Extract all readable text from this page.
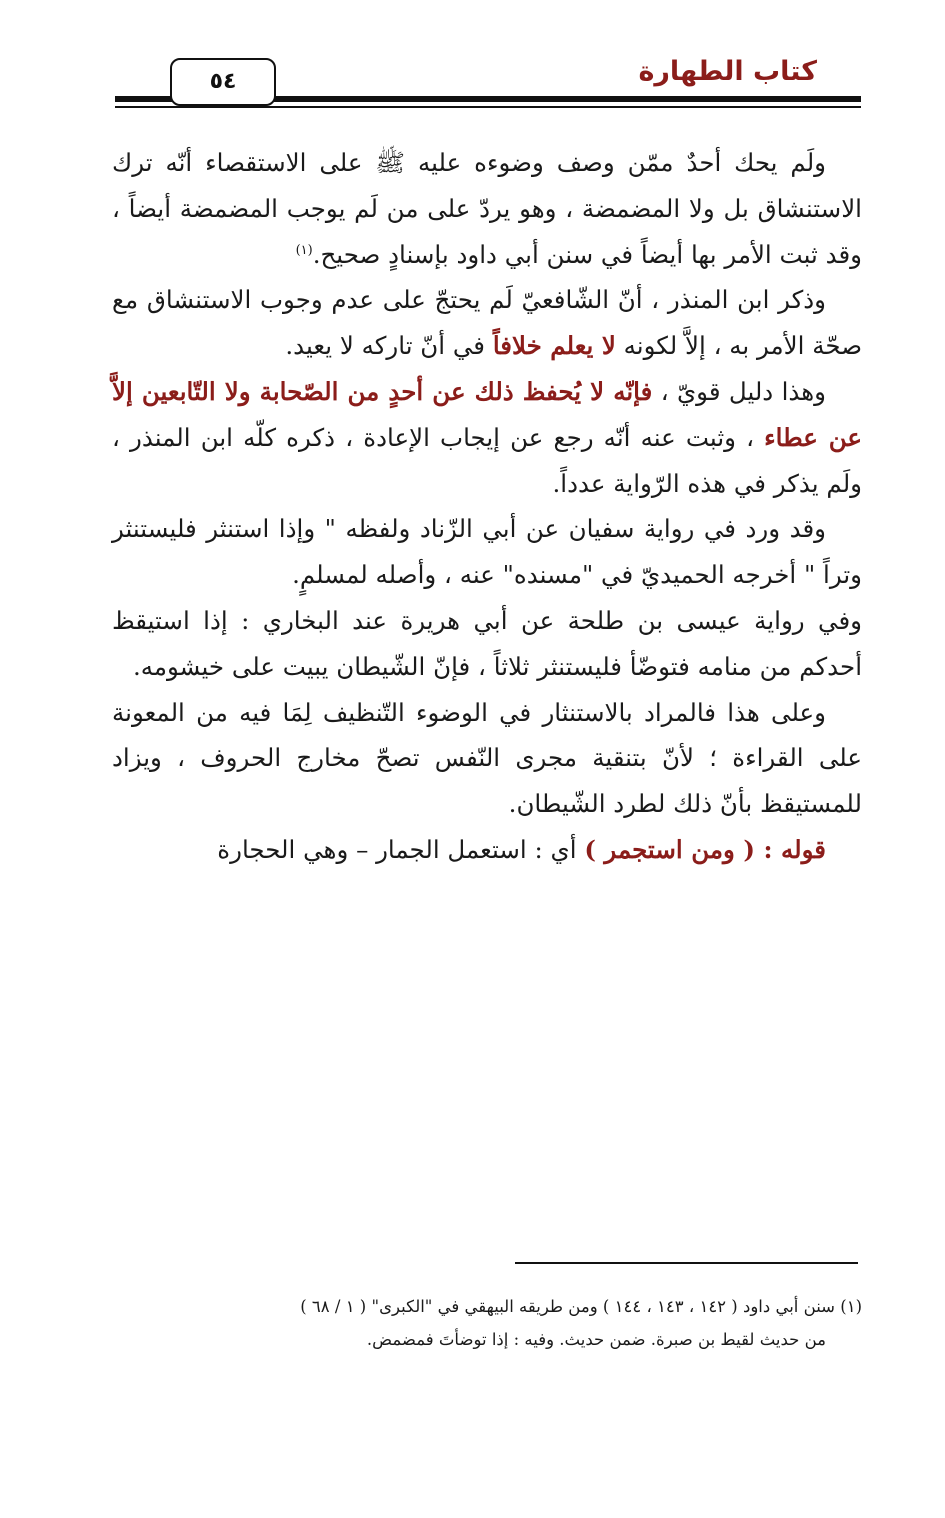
كتاب الطهارة
٥٤

ولَم يحك أحدٌ ممّن وصف وضوءه عليه ﷺ على الاستقصاء أنّه ترك الاستنشاق بل ولا المضمضة ، وهو يردّ على من لَم يوجب المضمضة أيضاً ، وقد ثبت الأمر بها أيضاً في سنن أبي داود بإسنادٍ صحيح.$^{(١)}$

وذكر ابن المنذر ، أنّ الشّافعيّ لَم يحتجّ على عدم وجوب الاستنشاق مع صحّة الأمر به ، إلاَّ لكونه لا يعلم خلافاً في أنّ تاركه لا يعيد.

وهذا دليل قويّ ، فإنّه لا يُحفظ ذلك عن أحدٍ من الصّحابة ولا التّابعين إلاَّ عن عطاء ، وثبت عنه أنّه رجع عن إيجاب الإعادة ، ذكره كلّه ابن المنذر ، ولَم يذكر في هذه الرّواية عدداً.

وقد ورد في رواية سفيان عن أبي الزّناد ولفظه " وإذا استنثر فليستنثر وتراً " أخرجه الحميديّ في "مسنده" عنه ، وأصله لمسلمٍ.

وفي رواية عيسى بن طلحة عن أبي هريرة عند البخاري : إذا استيقظ أحدكم من منامه فتوضّأ فليستنثر ثلاثاً ، فإنّ الشّيطان يبيت على خيشومه.

وعلى هذا فالمراد بالاستنثار في الوضوء التّنظيف لِمَا فيه من المعونة على القراءة ؛ لأنّ بتنقية مجرى النّفس تصحّ مخارج الحروف ، ويزاد للمستيقظ بأنّ ذلك لطرد الشّيطان.

قوله : ( ومن استجمر ) أي : استعمل الجمار – وهي الحجارة

(١) سنن أبي داود ( ١٤٢ ، ١٤٣ ، ١٤٤ ) ومن طريقه البيهقي في "الكبرى" ( ١ / ٦٨ )

من حديث لقيط بن صبرة. ضمن حديث. وفيه : إذا توضأتَ فمضمض.
